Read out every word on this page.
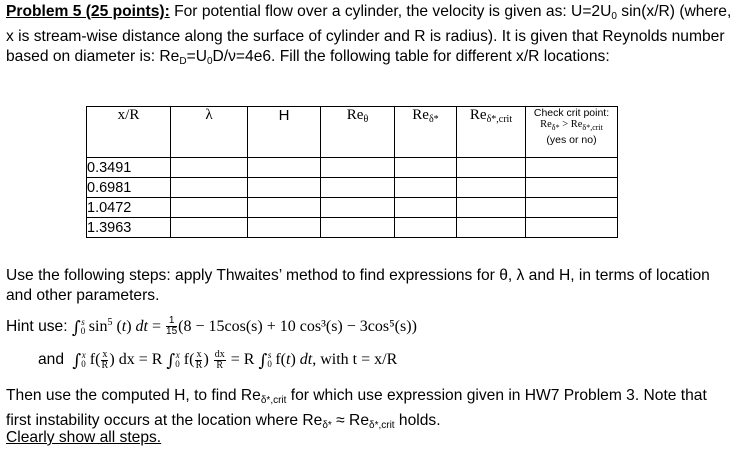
Problem 5 (25 points): For potential flow over a cylinder, the velocity is given as: $U=2U_0$ sin(x/R) (where, x is stream-wise distance along the surface of cylinder and R is radius). It is given that Reynolds number based on diameter is: $Re_D=U_0D/\nu=4e6$. Fill the following table for different x/R locations:
x/R	λ	H	$Re_\theta$	$Re_{\delta*}$	$Re_{\delta*,crit}$	Check crit point:
$Re_{\delta*} > Re_{\delta*,crit}$
(yes or no)

0.3491						
0.6981						
1.0472						
1.3963						
Use the following steps: apply Thwaites’ method to find expressions for θ, λ and H, in terms of location and other parameters.
Hint use: $\int_0^s$ $\sin^5 (t)$ dt = $\frac{1}{15} (8 - 15\cos(s) + 10$ cos³(s) − 3cos⁵(s))
and $\int_0^x$ $f( \frac{x}{R}$ ) dx = R $\int_0^x$ $f( \frac{x}{R}$ ) $\frac{dx}{R} = R$ $\int_0^s$ f(t) dt, with t = x/R
Then use the computed H, to find $Re_{\delta*,crit}$ for which use expression given in HW7 Problem 3. Note that first instability occurs at the location where $Re_{\delta*} \approx Re_{\delta*,crit}$ holds.
Clearly show all steps.
